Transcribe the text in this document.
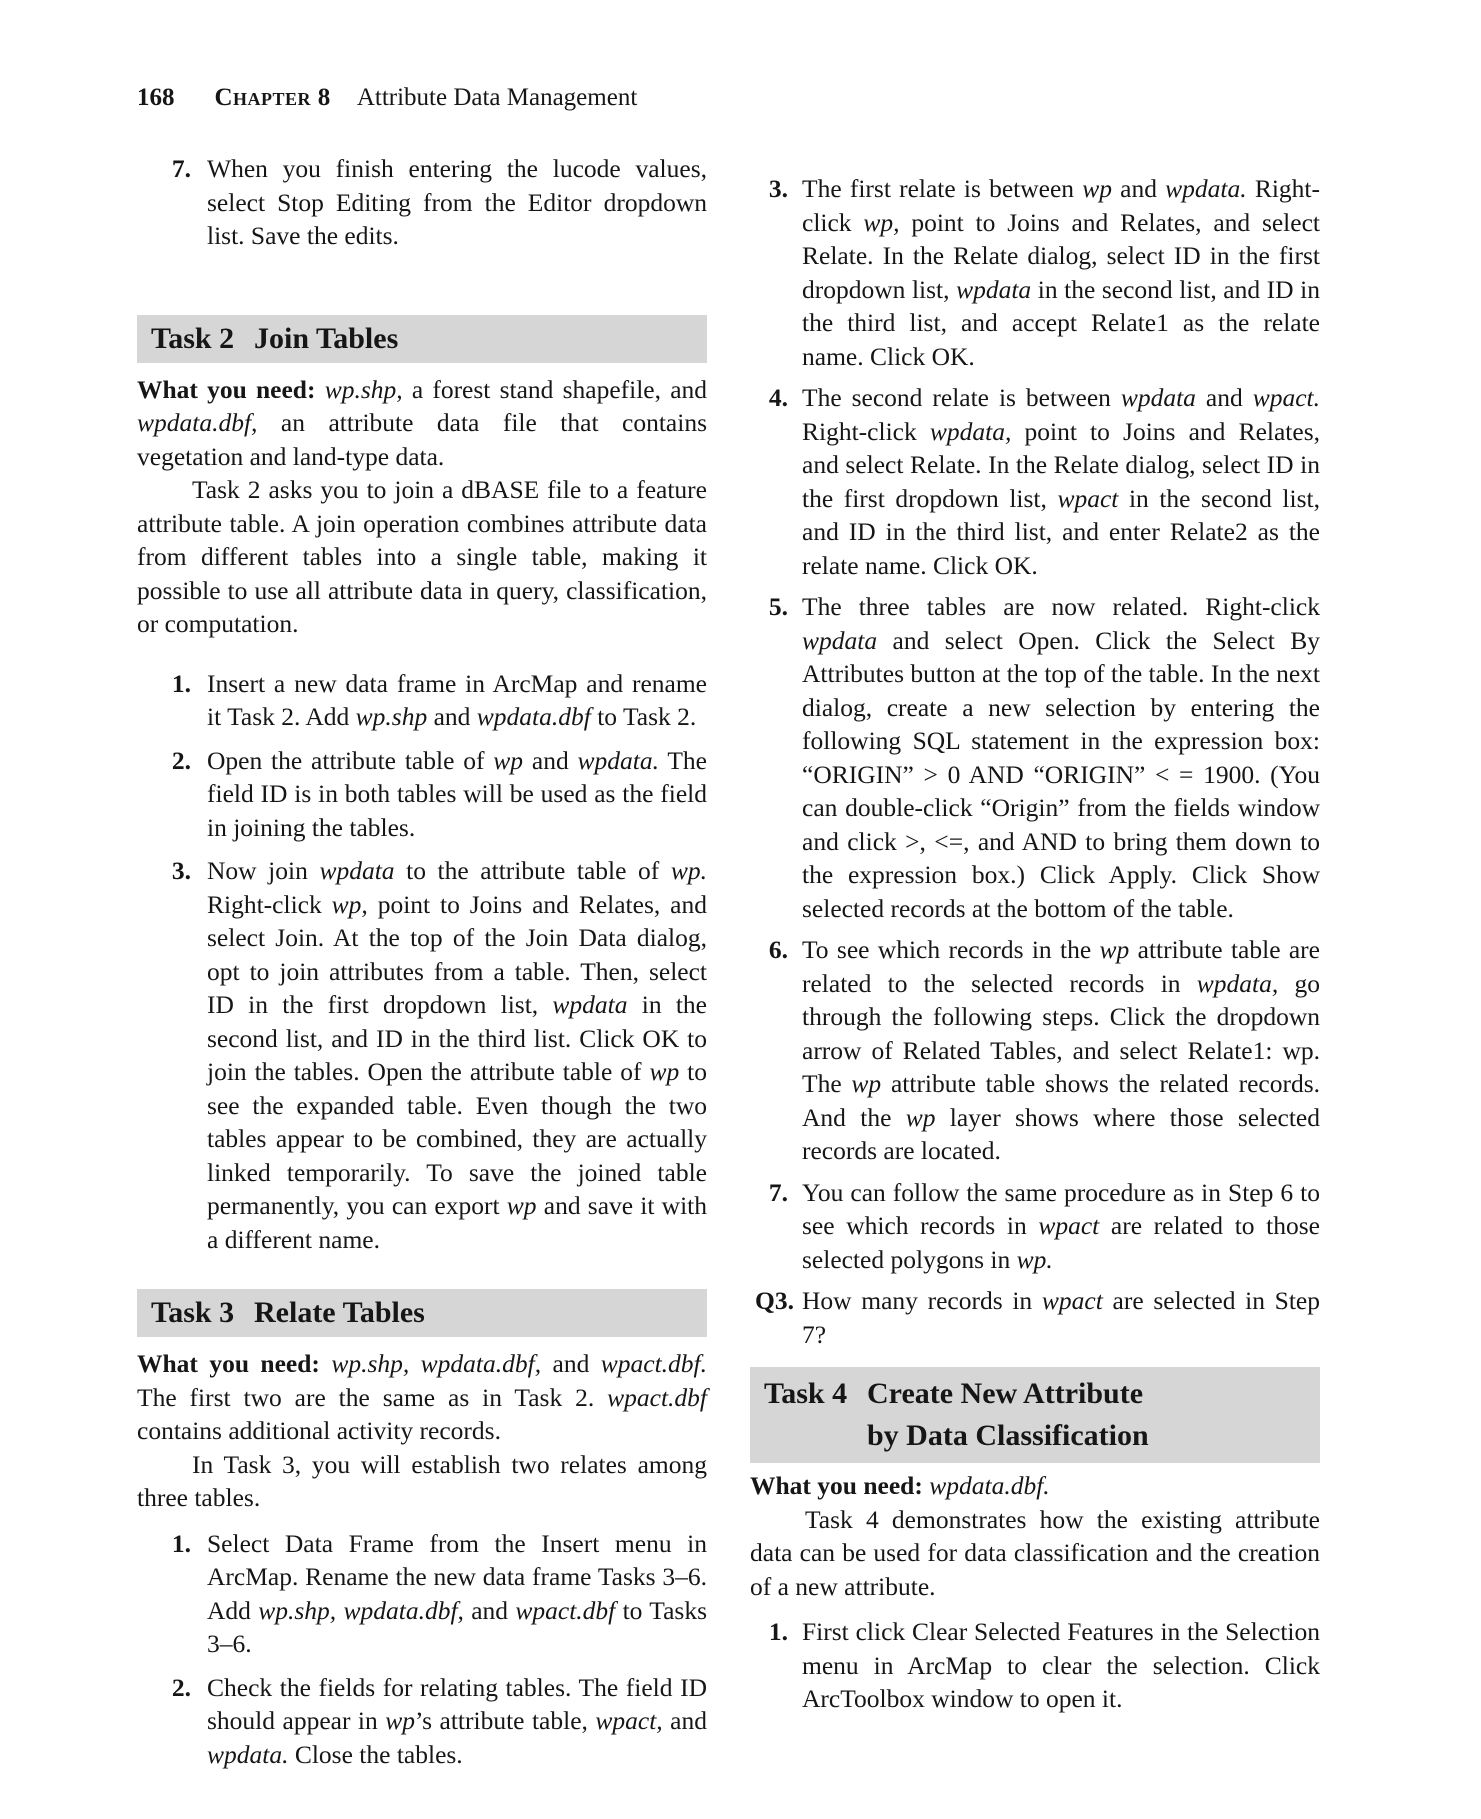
168 Chapter 8 Attribute Data Management
7. When you finish entering the lucode values, select Stop Editing from the Editor dropdown list. Save the edits.

Task 2 Join Tables

What you need: wp.shp, a forest stand shapefile, and wpdata.dbf, an attribute data file that contains vegetation and land-type data.

Task 2 asks you to join a dBASE file to a feature attribute table. A join operation combines attribute data from different tables into a single table, making it possible to use all attribute data in query, classification, or computation.

1. Insert a new data frame in ArcMap and rename it Task 2. Add wp.shp and wpdata.dbf to Task 2.

2. Open the attribute table of wp and wpdata. The field ID is in both tables will be used as the field in joining the tables.

3. Now join wpdata to the attribute table of wp. Right-click wp, point to Joins and Relates, and select Join. At the top of the Join Data dialog, opt to join attributes from a table. Then, select ID in the first dropdown list, wpdata in the second list, and ID in the third list. Click OK to join the tables. Open the attribute table of wp to see the expanded table. Even though the two tables appear to be combined, they are actually linked temporarily. To save the joined table permanently, you can export wp and save it with a different name.

Task 3 Relate Tables

What you need: wp.shp, wpdata.dbf, and wpact.dbf. The first two are the same as in Task 2. wpact.dbf contains additional activity records.

In Task 3, you will establish two relates among three tables.

1. Select Data Frame from the Insert menu in ArcMap. Rename the new data frame Tasks 3–6. Add wp.shp, wpdata.dbf, and wpact.dbf to Tasks 3–6.

2. Check the fields for relating tables. The field ID should appear in wp’s attribute table, wpact, and wpdata. Close the tables.

3. The first relate is between wp and wpdata. Right-click wp, point to Joins and Relates, and select Relate. In the Relate dialog, select ID in the first dropdown list, wpdata in the second list, and ID in the third list, and accept Relate1 as the relate name. Click OK.

4. The second relate is between wpdata and wpact. Right-click wpdata, point to Joins and Relates, and select Relate. In the Relate dialog, select ID in the first dropdown list, wpact in the second list, and ID in the third list, and enter Relate2 as the relate name. Click OK.

5. The three tables are now related. Right-click wpdata and select Open. Click the Select By Attributes button at the top of the table. In the next dialog, create a new selection by entering the following SQL statement in the expression box: “ORIGIN” > 0 AND “ORIGIN” < = 1900. (You can double-click “Origin” from the fields window and click >, <=, and AND to bring them down to the expression box.) Click Apply. Click Show selected records at the bottom of the table.

6. To see which records in the wp attribute table are related to the selected records in wpdata, go through the following steps. Click the dropdown arrow of Related Tables, and select Relate1: wp. The wp attribute table shows the related records. And the wp layer shows where those selected records are located.

7. You can follow the same procedure as in Step 6 to see which records in wpact are related to those selected polygons in wp.

Q3. How many records in wpact are selected in Step 7?

Task 4 Create New Attribute
by Data Classification

What you need: wpdata.dbf.

Task 4 demonstrates how the existing attribute data can be used for data classification and the creation of a new attribute.

1. First click Clear Selected Features in the Selection menu in ArcMap to clear the selection. Click ArcToolbox window to open it.
